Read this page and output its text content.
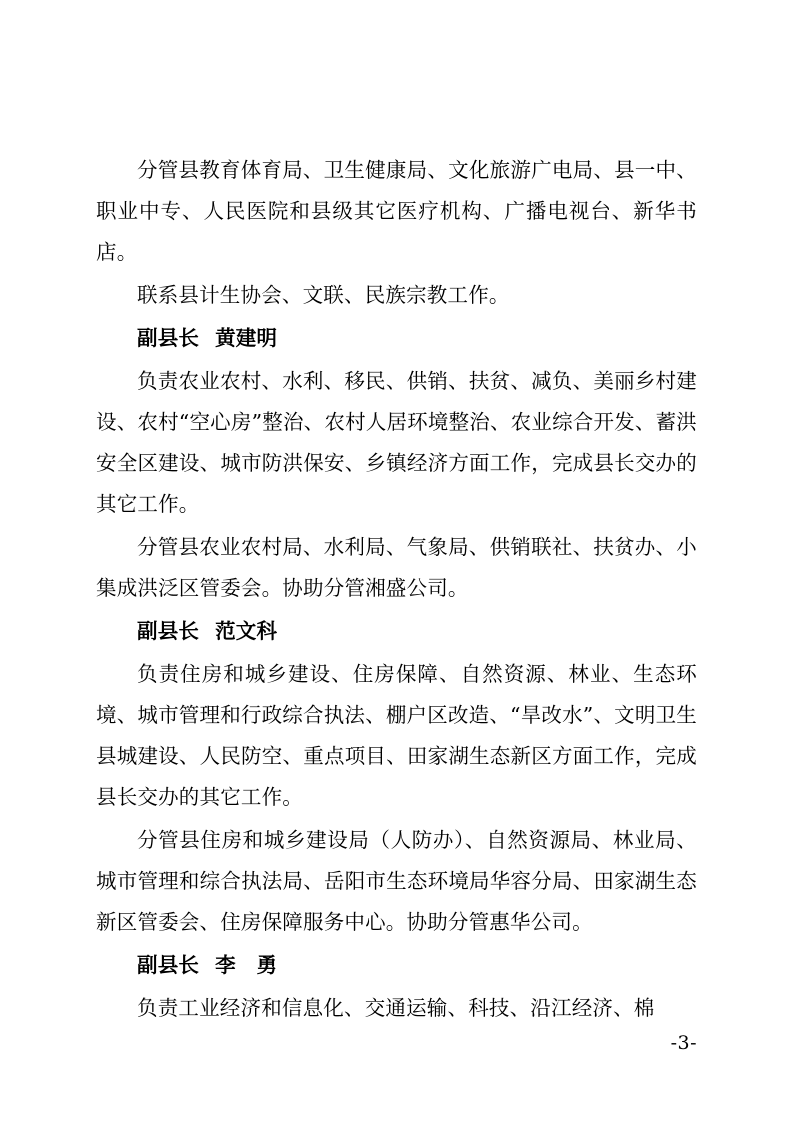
分管县教育体育局、卫生健康局、文化旅游广电局、县一中、职业中专、人民医院和县级其它医疗机构、广播电视台、新华书店。

联系县计生协会、文联、民族宗教工作。

副县长 黄建明

负责农业农村、水利、移民、供销、扶贫、减负、美丽乡村建设、农村“空心房”整治、农村人居环境整治、农业综合开发、蓄洪安全区建设、城市防洪保安、乡镇经济方面工作，完成县长交办的其它工作。

分管县农业农村局、水利局、气象局、供销联社、扶贫办、小集成洪泛区管委会。协助分管湘盛公司。

副县长 范文科

负责住房和城乡建设、住房保障、自然资源、林业、生态环境、城市管理和行政综合执法、棚户区改造、“旱改水”、文明卫生县城建设、人民防空、重点项目、田家湖生态新区方面工作，完成县长交办的其它工作。

分管县住房和城乡建设局（人防办）、自然资源局、林业局、城市管理和综合执法局、岳阳市生态环境局华容分局、田家湖生态新区管委会、住房保障服务中心。协助分管惠华公司。

副县长 李　勇

负责工业经济和信息化、交通运输、科技、沿江经济、棉

-3-
